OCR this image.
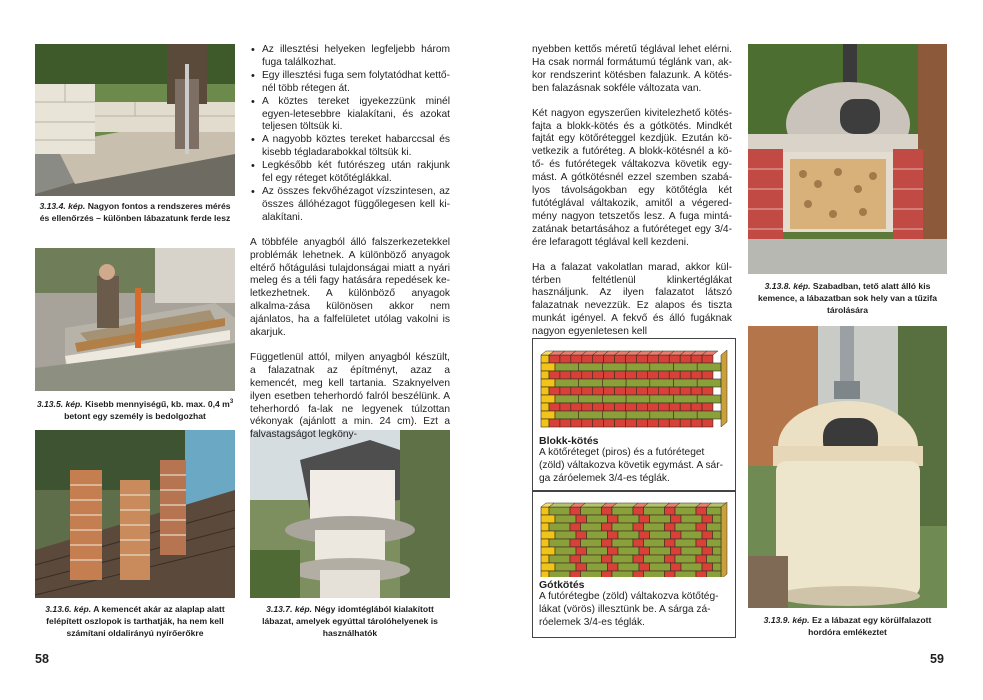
3.13.4. kép. Nagyon fontos a rendszeres mérés és ellenőrzés – különben lábazatunk ferde lesz
3.13.5. kép. Kisebb mennyiségű, kb. max. 0,4 $m^3$ betont egy személy is bedolgozhat
3.13.6. kép. A kemencét akár az alaplap alatt felépített oszlopok is tarthatják, ha nem kell számítani oldalirányú nyírőerőkre
3.13.7. kép. Négy idomtéglából kialakított lábazat, amelyek egyúttal tárolóhelyenek is használhatók
• Az illesztési helyeken legfeljebb három fuga találkozhat.
• Egy illesztési fuga sem folytatódhat kettő-nél több rétegen át.
• A köztes tereket igyekezzünk minél egyen-letesebbre kialakítani, és azokat teljesen töltsük ki.
• A nagyobb köztes tereket habarccsal és kisebb tégladarabokkal töltsük ki.
• Legkésőbb két futórészeg után rakjunk fel egy réteget kötőtéglákkal.
• Az összes fekvőhézagot vízszintesen, az összes állóhézagot függőlegesen kell ki-alakítani.

A többféle anyagból álló falszerkezetekkel problémák lehetnek. A különböző anyagok eltérő hőtágulási tulajdonságai miatt a nyári meleg és a téli fagy hatására repedések ke-letkezhetnek. A különböző anyagok alkalma-zása különösen akkor nem ajánlatos, ha a falfelületet utólag vakolni is akarjuk.

Függetlenül attól, milyen anyagból készült, a falazatnak az építményt, azaz a kemencét, meg kell tartania. Szaknyelven ilyen esetben teherhordó falról beszélünk. A teherhordó fa-lak ne legyenek túlzottan vékonyak (ajánlott a min. 24 cm). Ezt a falvastagságot legköny-

58

nyebben kettős méretű téglával lehet elérni. Ha csak normál formátumú téglánk van, ak-kor rendszerint kötésben falazunk. A kötés-ben falazásnak sokféle változata van.

Két nagyon egyszerűen kivitelezhető kötés-fajta a blokk-kötés és a gótkötés. Mindkét fajtát egy kötőréteggel kezdjük. Ezután kö-vetkezik a futóréteg. A blokk-kötésnél a kö-tő- és futórétegek váltakozva követik egy-mást. A gótkötésnél ezzel szemben szabá-lyos távolságokban egy kötőtégla két futótéglával váltakozik, amitől a végered-mény nagyon tetszetős lesz. A fuga mintá-zatának betartásához a futóréteget egy 3/4-ére lefaragott téglával kell kezdeni.

Ha a falazat vakolatlan marad, akkor kül-térben feltétlenül klinkertéglákat használjunk. Az ilyen falazatot látszó falazatnak nevezzük. Ez alapos és tiszta munkát igényel. A fekvő és álló fugáknak nagyon egyenletesen kell

Blokk-kötés

A kötőréteget (piros) és a futóréteget (zöld) váltakozva követik egymást. A sár-ga záróelemek 3/4-es téglák.

Gótkötés

A futórétegbe (zöld) váltakozva kötőtég-lákat (vörös) illesztünk be. A sárga zá-róelemek 3/4-es téglák.

3.13.8. kép. Szabadban, tető alatt álló kis kemence, a lábazatban sok hely van a tűzifa tárolására
3.13.9. kép. Ez a lábazat egy körülfalazott hordóra emlékeztet
59
